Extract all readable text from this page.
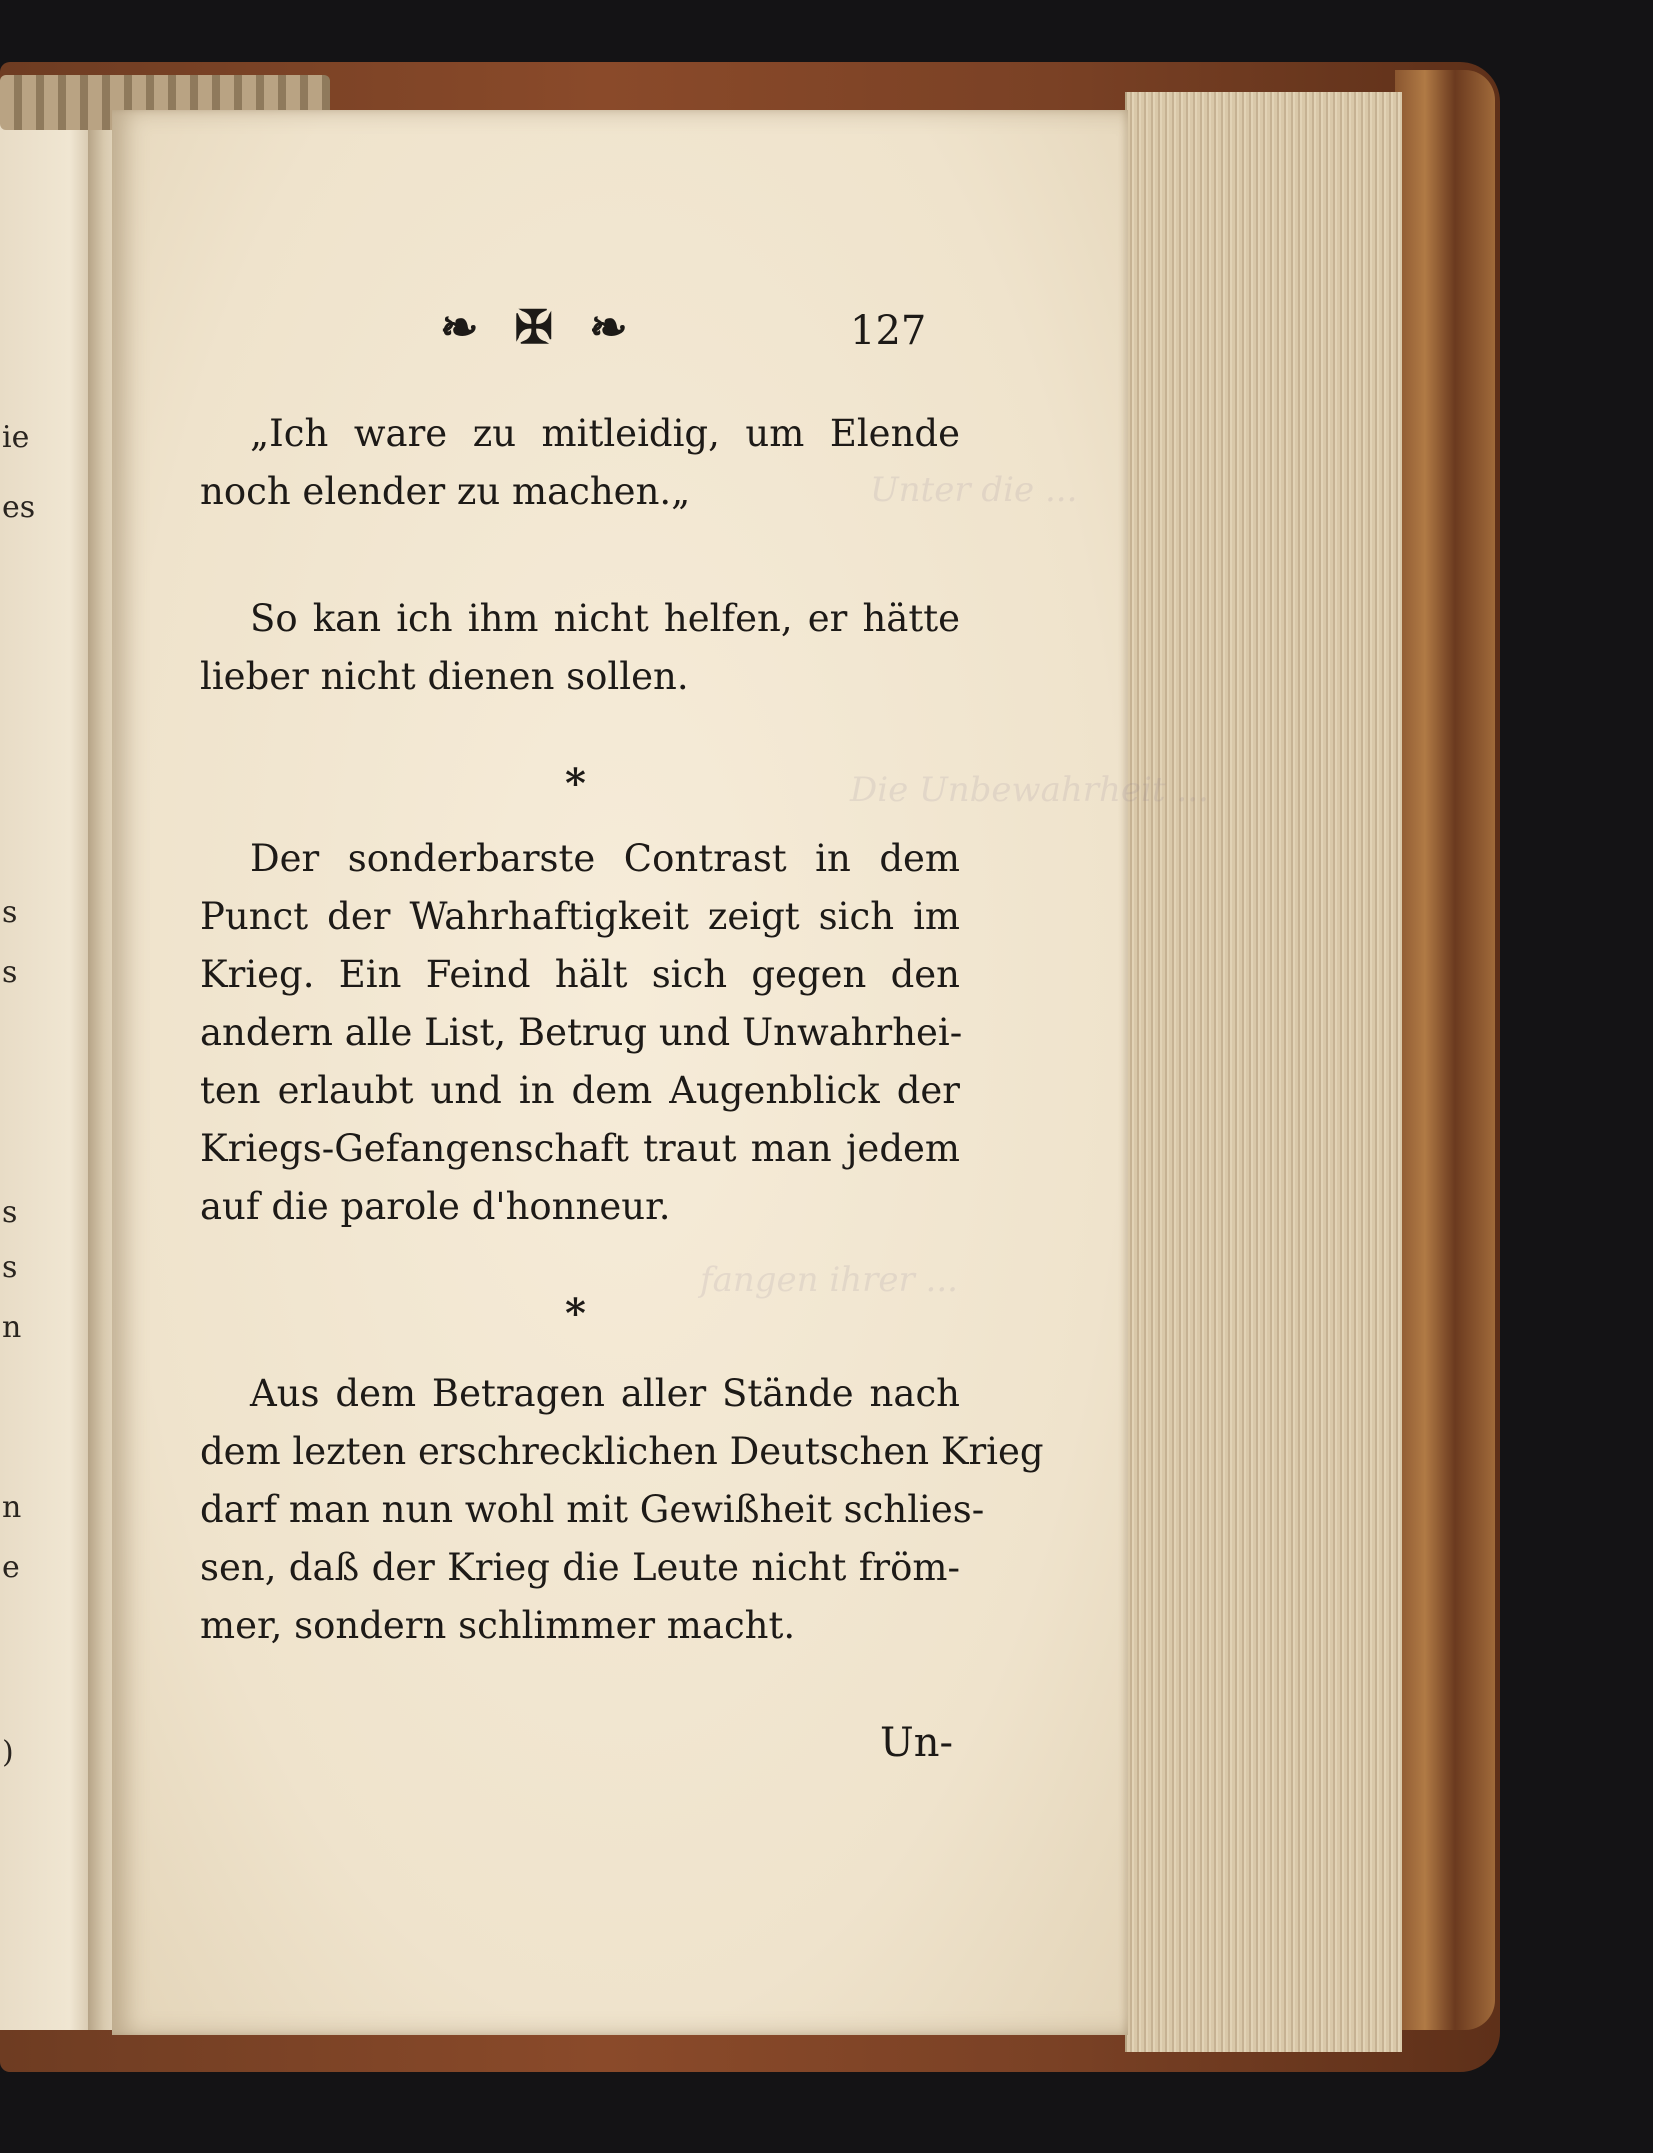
ie
es
s
s
s
s
n
n
e
)
Unter die ...
Die Unbewahrheit ...
fangen ihrer ...
❧ ✠ ❧	127

„Ich ware zu mitleidig, um Elende

noch elender zu machen.„

So kan ich ihm nicht helfen, er hätte

lieber nicht dienen sollen.

*

Der sonderbarste Contrast in dem

Punct der Wahrhaftigkeit zeigt sich im

Krieg. Ein Feind hält sich gegen den

andern alle List, Betrug und Unwahrhei-

ten erlaubt und in dem Augenblick der

Kriegs-Gefangenschaft traut man jedem

auf die parole d'honneur.

*

Aus dem Betragen aller Stände nach

dem lezten erschrecklichen Deutschen Krieg

darf man nun wohl mit Gewißheit schlies-

sen, daß der Krieg die Leute nicht fröm-

mer, sondern schlimmer macht.

Un-
